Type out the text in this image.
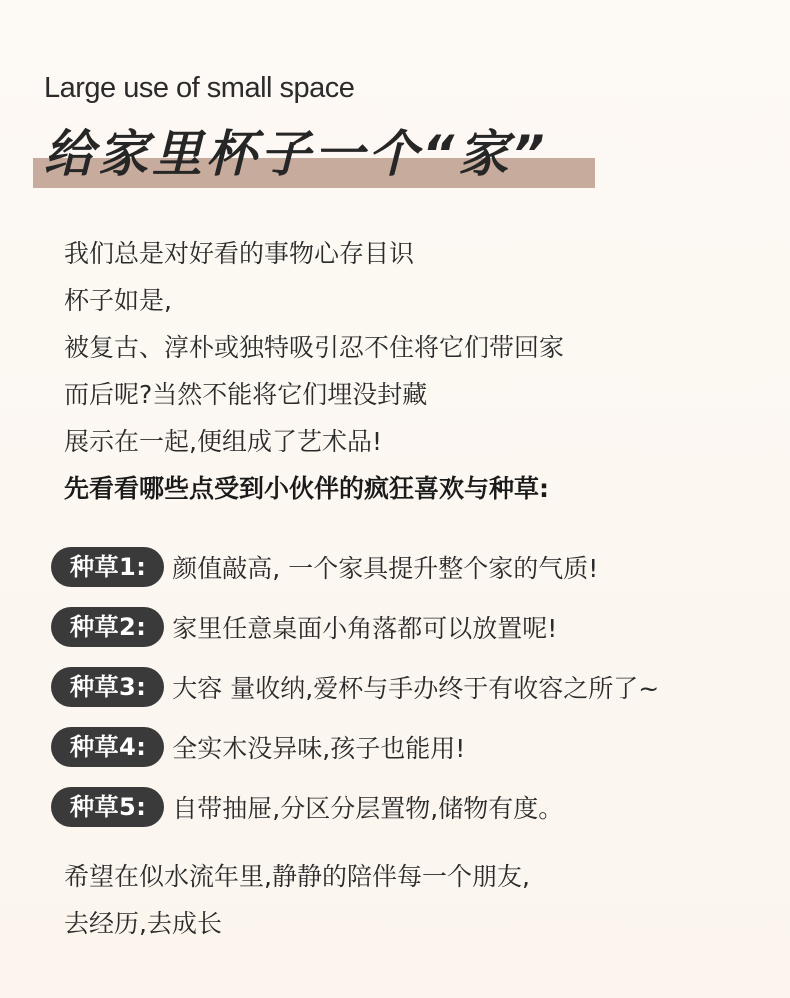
Large use of small space
给家里杯子一个“家”
我们总是对好看的事物心存目识
杯子如是,
被复古、淳朴或独特吸引忍不住将它们带回家
而后呢?当然不能将它们埋没封藏
展示在一起,便组成了艺术品!
先看看哪些点受到小伙伴的疯狂喜欢与种草:
种草1:	颜值敲高, 一个家具提升整个家的气质!
种草2:	家里任意桌面小角落都可以放置呢!
种草3:	大容 量收纳,爱杯与手办终于有收容之所了~
种草4:	全实木没异味,孩子也能用!
种草5:	自带抽屉,分区分层置物,储物有度。
希望在似水流年里,静静的陪伴每一个朋友,
去经历,去成长
